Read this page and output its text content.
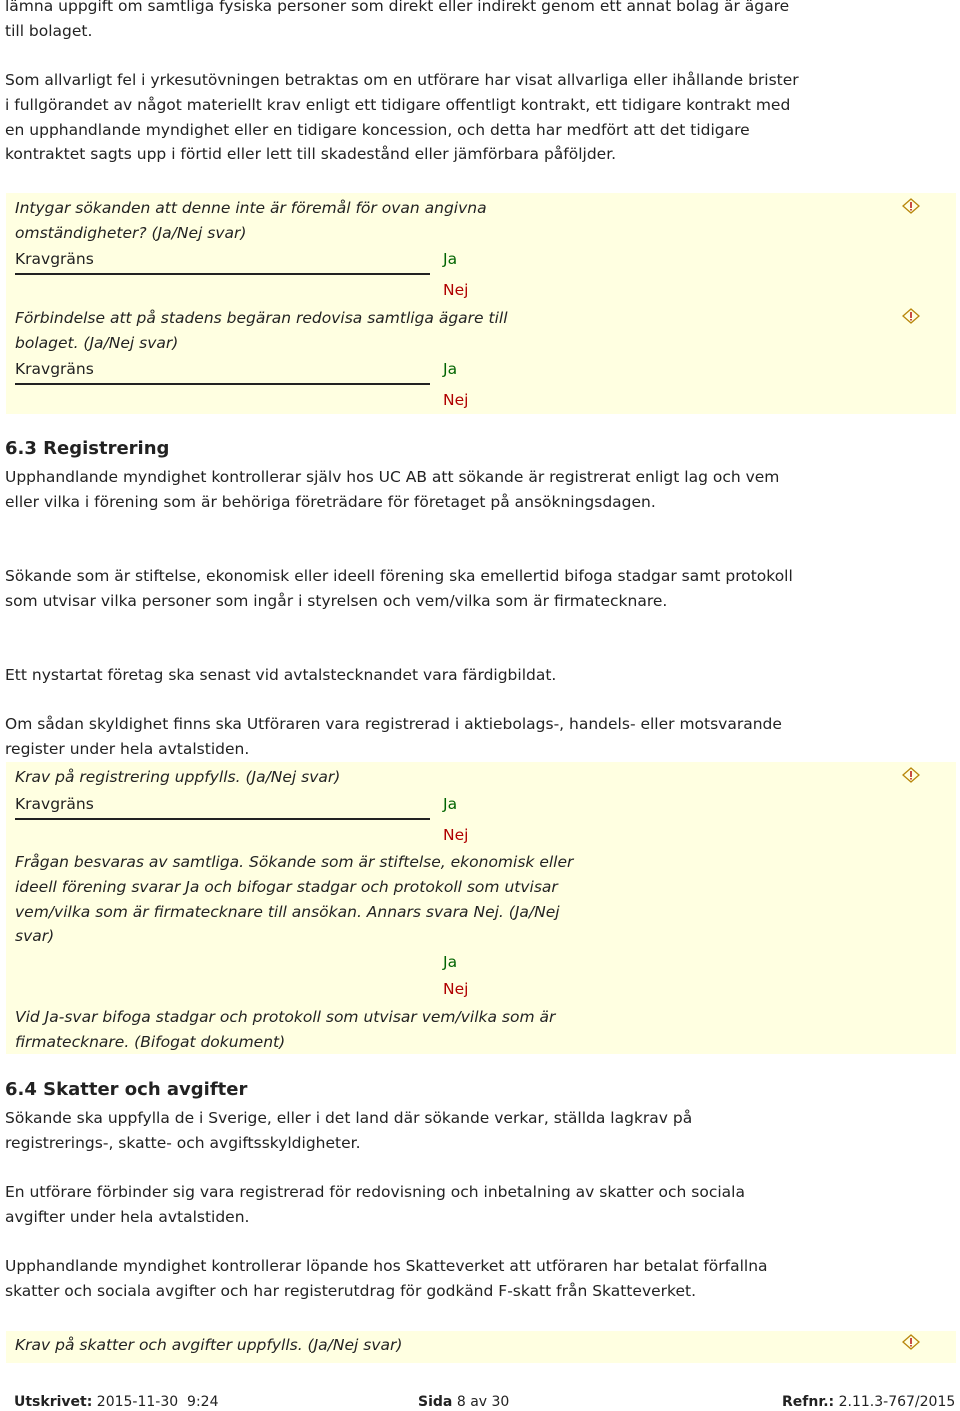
lämna uppgift om samtliga fysiska personer som direkt eller indirekt genom ett annat bolag är ägare till bolaget.

Som allvarligt fel i yrkesutövningen betraktas om en utförare har visat allvarliga eller ihållande brister i fullgörandet av något materiellt krav enligt ett tidigare offentligt kontrakt, ett tidigare kontrakt med en upphandlande myndighet eller en tidigare koncession, och detta har medfört att det tidigare kontraktet sagts upp i förtid eller lett till skadestånd eller jämförbara påföljder.

Intygar sökanden att denne inte är föremål för ovan angivna omständigheter? (Ja/Nej svar)
Kravgräns	Ja
Nej
Förbindelse att på stadens begäran redovisa samtliga ägare till bolaget. (Ja/Nej svar)
Kravgräns	Ja
Nej
6.3 Registrering

Upphandlande myndighet kontrollerar själv hos UC AB att sökande är registrerat enligt lag och vem eller vilka i förening som är behöriga företrädare för företaget på ansökningsdagen.

Sökande som är stiftelse, ekonomisk eller ideell förening ska emellertid bifoga stadgar samt protokoll som utvisar vilka personer som ingår i styrelsen och vem/vilka som är firmatecknare.

Ett nystartat företag ska senast vid avtalstecknandet vara färdigbildat.

Om sådan skyldighet finns ska Utföraren vara registrerad i aktiebolags-, handels- eller motsvarande register under hela avtalstiden.

Krav på registrering uppfylls. (Ja/Nej svar)
Kravgräns	Ja
Nej
Frågan besvaras av samtliga. Sökande som är stiftelse, ekonomisk eller ideell förening svarar Ja och bifogar stadgar och protokoll som utvisar vem/vilka som är firmatecknare till ansökan. Annars svara Nej. (Ja/Nej svar)
Ja
Nej
Vid Ja-svar bifoga stadgar och protokoll som utvisar vem/vilka som är firmatecknare. (Bifogat dokument)
6.4 Skatter och avgifter

Sökande ska uppfylla de i Sverige, eller i det land där sökande verkar, ställda lagkrav på registrerings-, skatte- och avgiftsskyldigheter.

En utförare förbinder sig vara registrerad för redovisning och inbetalning av skatter och sociala avgifter under hela avtalstiden.

Upphandlande myndighet kontrollerar löpande hos Skatteverket att utföraren har betalat förfallna skatter och sociala avgifter och har registerutdrag för godkänd F-skatt från Skatteverket.

Krav på skatter och avgifter uppfylls. (Ja/Nej svar)
Utskrivet: 2015-11-30  9:24	Sida 8 av 30	Refnr.: 2.11.3-767/2015
